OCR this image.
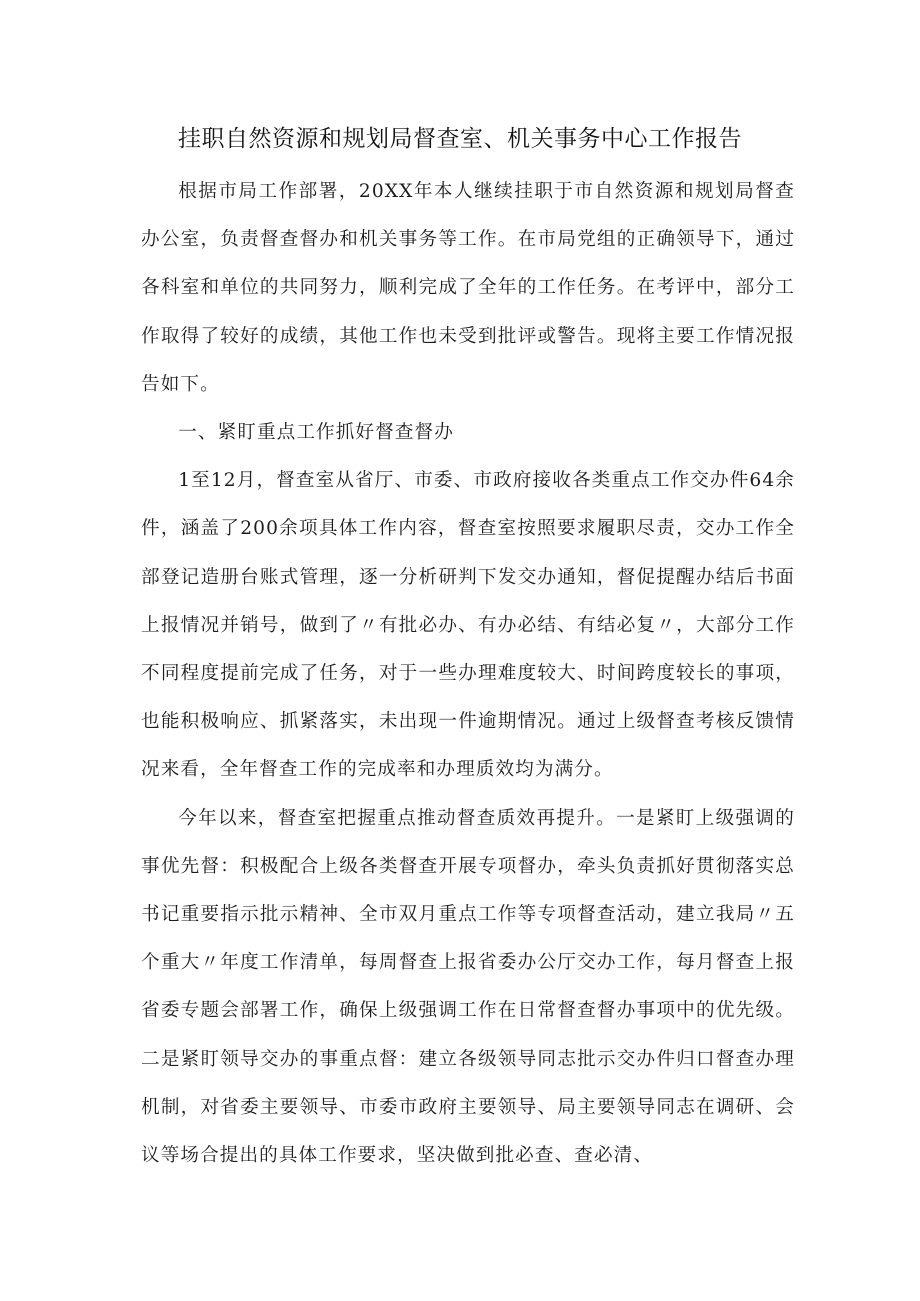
挂职自然资源和规划局督查室、机关事务中心工作报告

根据市局工作部署，20XX年本人继续挂职于市自然资源和规划局督查办公室，负责督查督办和机关事务等工作。在市局党组的正确领导下，通过各科室和单位的共同努力，顺利完成了全年的工作任务。在考评中，部分工作取得了较好的成绩，其他工作也未受到批评或警告。现将主要工作情况报告如下。

一、紧盯重点工作抓好督查督办

1至12月，督查室从省厅、市委、市政府接收各类重点工作交办件64余件，涵盖了200余项具体工作内容，督查室按照要求履职尽责，交办工作全部登记造册台账式管理，逐一分析研判下发交办通知，督促提醒办结后书面上报情况并销号，做到了〃有批必办、有办必结、有结必复〃，大部分工作不同程度提前完成了任务，对于一些办理难度较大、时间跨度较长的事项，也能积极响应、抓紧落实，未出现一件逾期情况。通过上级督查考核反馈情况来看，全年督查工作的完成率和办理质效均为满分。

今年以来，督查室把握重点推动督查质效再提升。一是紧盯上级强调的事优先督：积极配合上级各类督查开展专项督办，牵头负责抓好贯彻落实总书记重要指示批示精神、全市双月重点工作等专项督查活动，建立我局〃五个重大〃年度工作清单，每周督查上报省委办公厅交办工作，每月督查上报省委专题会部署工作，确保上级强调工作在日常督查督办事项中的优先级。二是紧盯领导交办的事重点督：建立各级领导同志批示交办件归口督查办理机制，对省委主要领导、市委市政府主要领导、局主要领导同志在调研、会议等场合提出的具体工作要求，坚决做到批必查、查必清、
